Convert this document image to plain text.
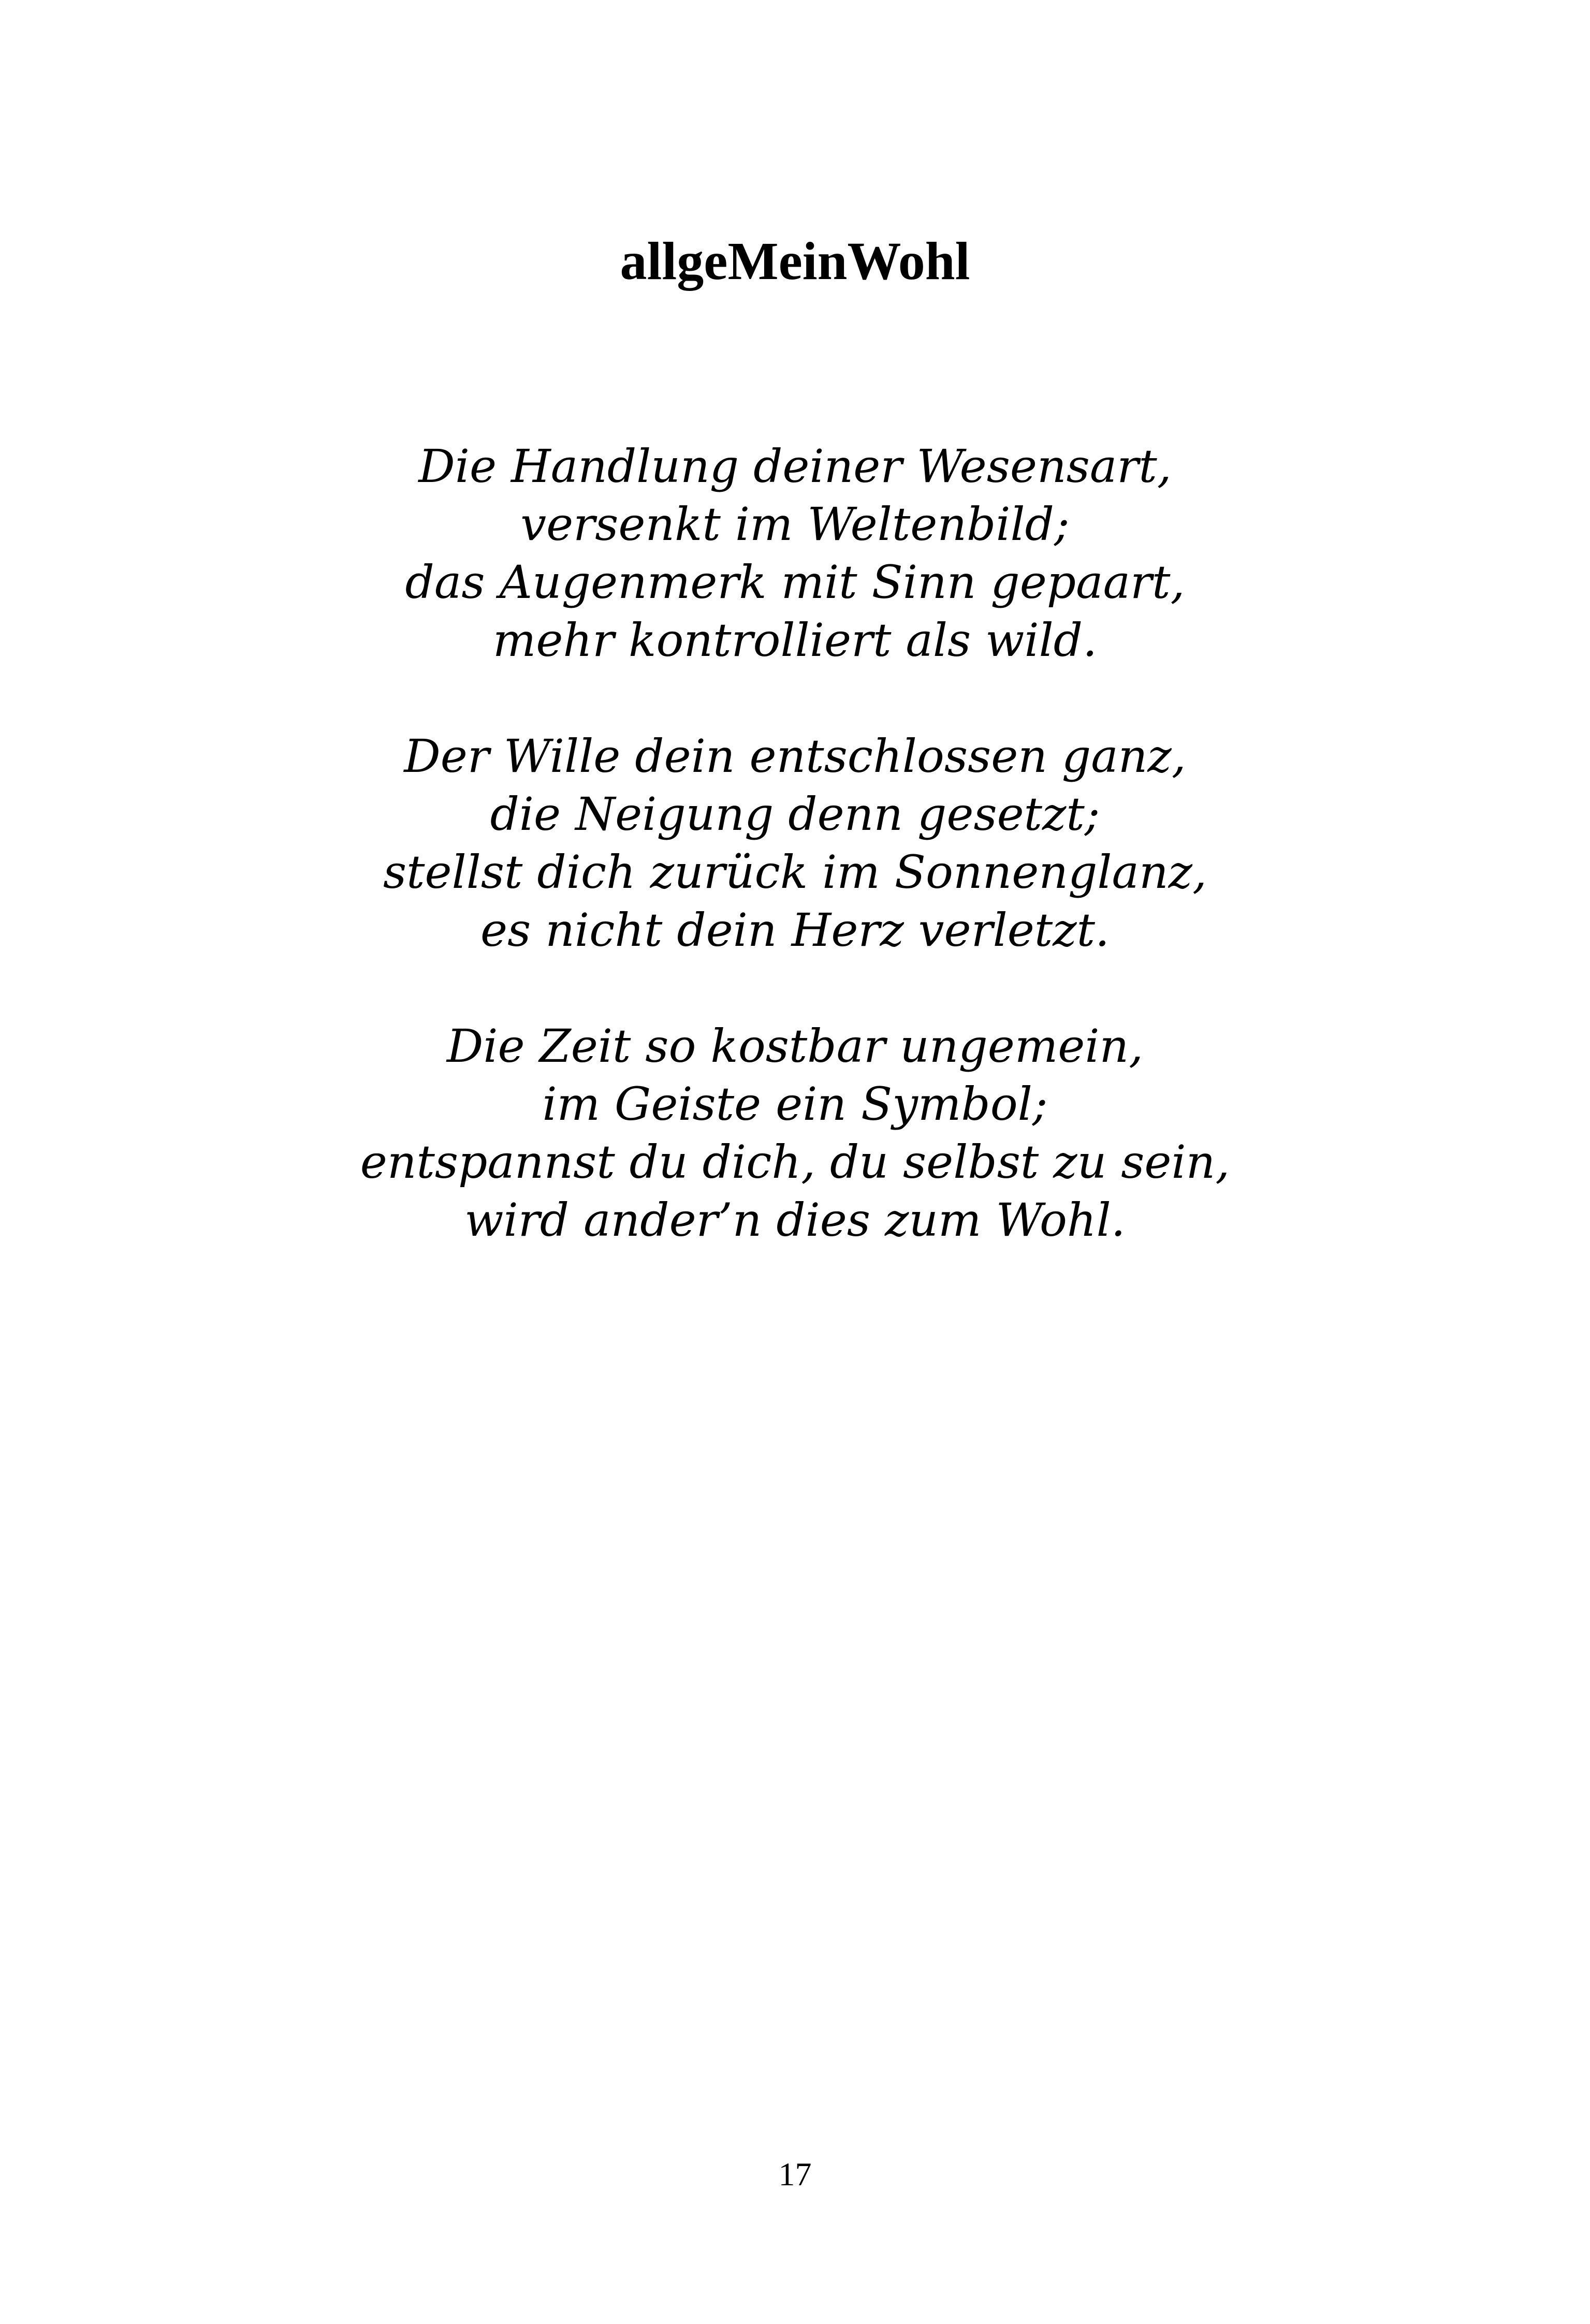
allgeMeinWohl
Die Handlung deiner Wesensart,
versenkt im Weltenbild;
das Augenmerk mit Sinn gepaart,
mehr kontrolliert als wild.
Der Wille dein entschlossen ganz,
die Neigung denn gesetzt;
stellst dich zurück im Sonnenglanz,
es nicht dein Herz verletzt.
Die Zeit so kostbar ungemein,
im Geiste ein Symbol;
entspannst du dich, du selbst zu sein,
wird ander’n dies zum Wohl.
17
